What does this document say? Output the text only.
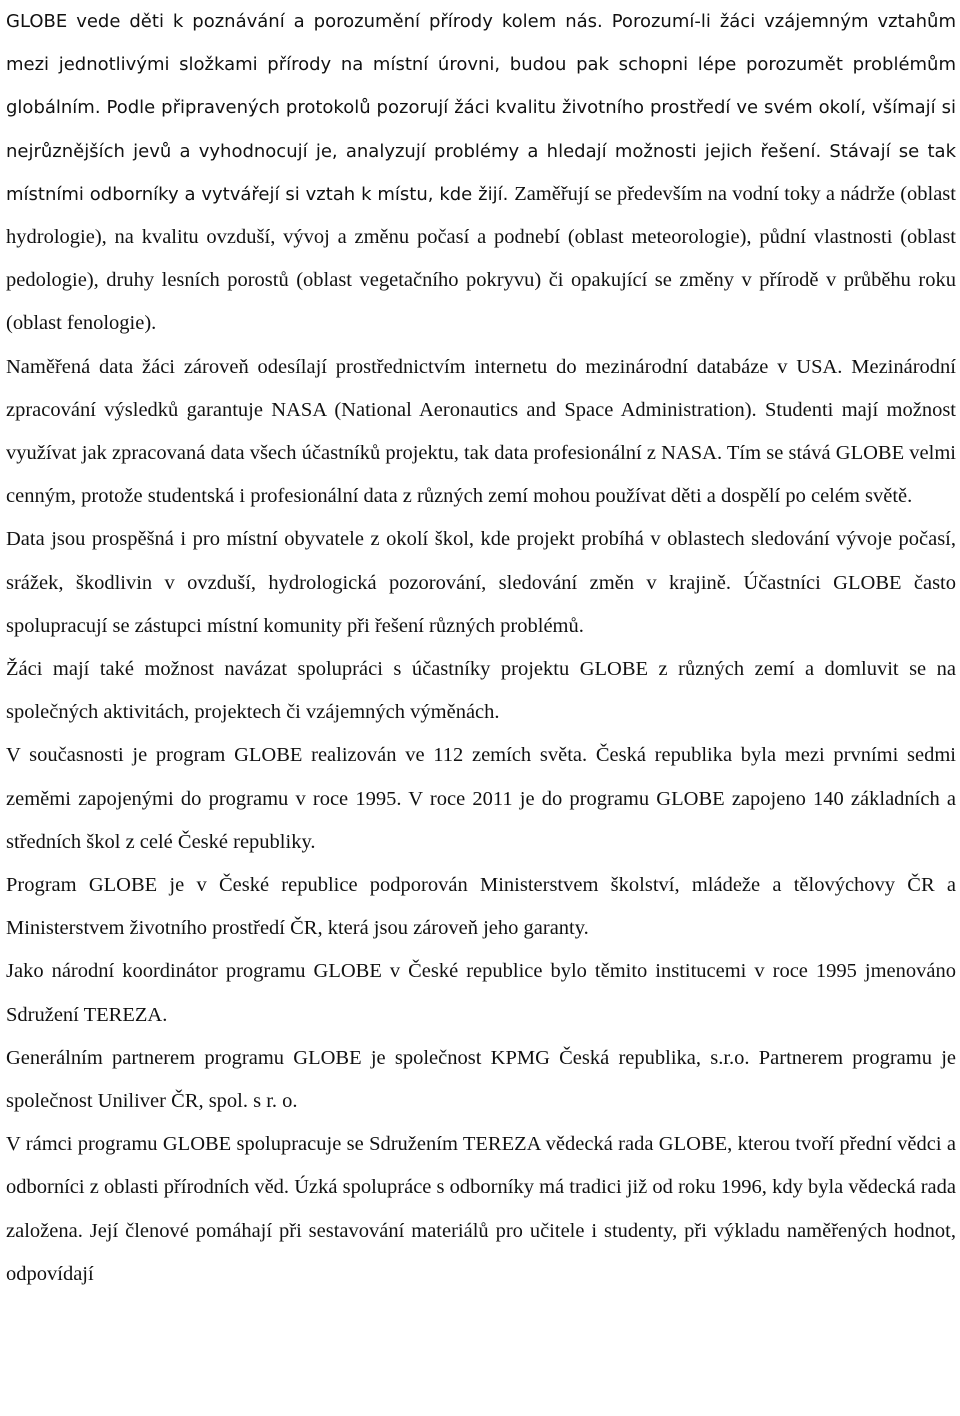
GLOBE vede děti k poznávání a porozumění přírody kolem nás. Porozumí-li žáci vzájemným vztahům mezi jednotlivými složkami přírody na místní úrovni, budou pak schopni lépe porozumět problémům globálním. Podle připravených protokolů pozorují žáci kvalitu životního prostředí ve svém okolí, všímají si nejrůznějších jevů a vyhodnocují je, analyzují problémy a hledají možnosti jejich řešení. Stávají se tak místními odborníky a vytvářejí si vztah k místu, kde žijí. Zaměřují se především na vodní toky a nádrže (oblast hydrologie), na kvalitu ovzduší, vývoj a změnu počasí a podnebí (oblast meteorologie), půdní vlastnosti (oblast pedologie), druhy lesních porostů (oblast vegetačního pokryvu) či opakující se změny v přírodě v průběhu roku (oblast fenologie).

Naměřená data žáci zároveň odesílají prostřednictvím internetu do mezinárodní databáze v USA. Mezinárodní zpracování výsledků garantuje NASA (National Aeronautics and Space Administration). Studenti mají možnost využívat jak zpracovaná data všech účastníků projektu, tak data profesionální z NASA. Tím se stává GLOBE velmi cenným, protože studentská i profesionální data z různých zemí mohou používat děti a dospělí po celém světě.

Data jsou prospěšná i pro místní obyvatele z okolí škol, kde projekt probíhá v oblastech sledování vývoje počasí, srážek, škodlivin v ovzduší, hydrologická pozorování, sledování změn v krajině. Účastníci GLOBE často spolupracují se zástupci místní komunity při řešení různých problémů.

Žáci mají také možnost navázat spolupráci s účastníky projektu GLOBE z různých zemí a domluvit se na společných aktivitách, projektech či vzájemných výměnách.

V současnosti je program GLOBE realizován ve 112 zemích světa. Česká republika byla mezi prvními sedmi zeměmi zapojenými do programu v roce 1995. V roce 2011 je do programu GLOBE zapojeno 140 základních a středních škol z celé České republiky.

Program GLOBE je v České republice podporován Ministerstvem školství, mládeže a tělovýchovy ČR a Ministerstvem životního prostředí ČR, která jsou zároveň jeho garanty.

Jako národní koordinátor programu GLOBE v České republice bylo těmito institucemi v roce 1995 jmenováno Sdružení TEREZA.

Generálním partnerem programu GLOBE je společnost KPMG Česká republika, s.r.o. Partnerem programu je společnost Uniliver ČR, spol. s r. o.

V rámci programu GLOBE spolupracuje se Sdružením TEREZA vědecká rada GLOBE, kterou tvoří přední vědci a odborníci z oblasti přírodních věd. Úzká spolupráce s odborníky má tradici již od roku 1996, kdy byla vědecká rada založena. Její členové pomáhají při sestavování materiálů pro učitele i studenty, při výkladu naměřených hodnot, odpovídají
